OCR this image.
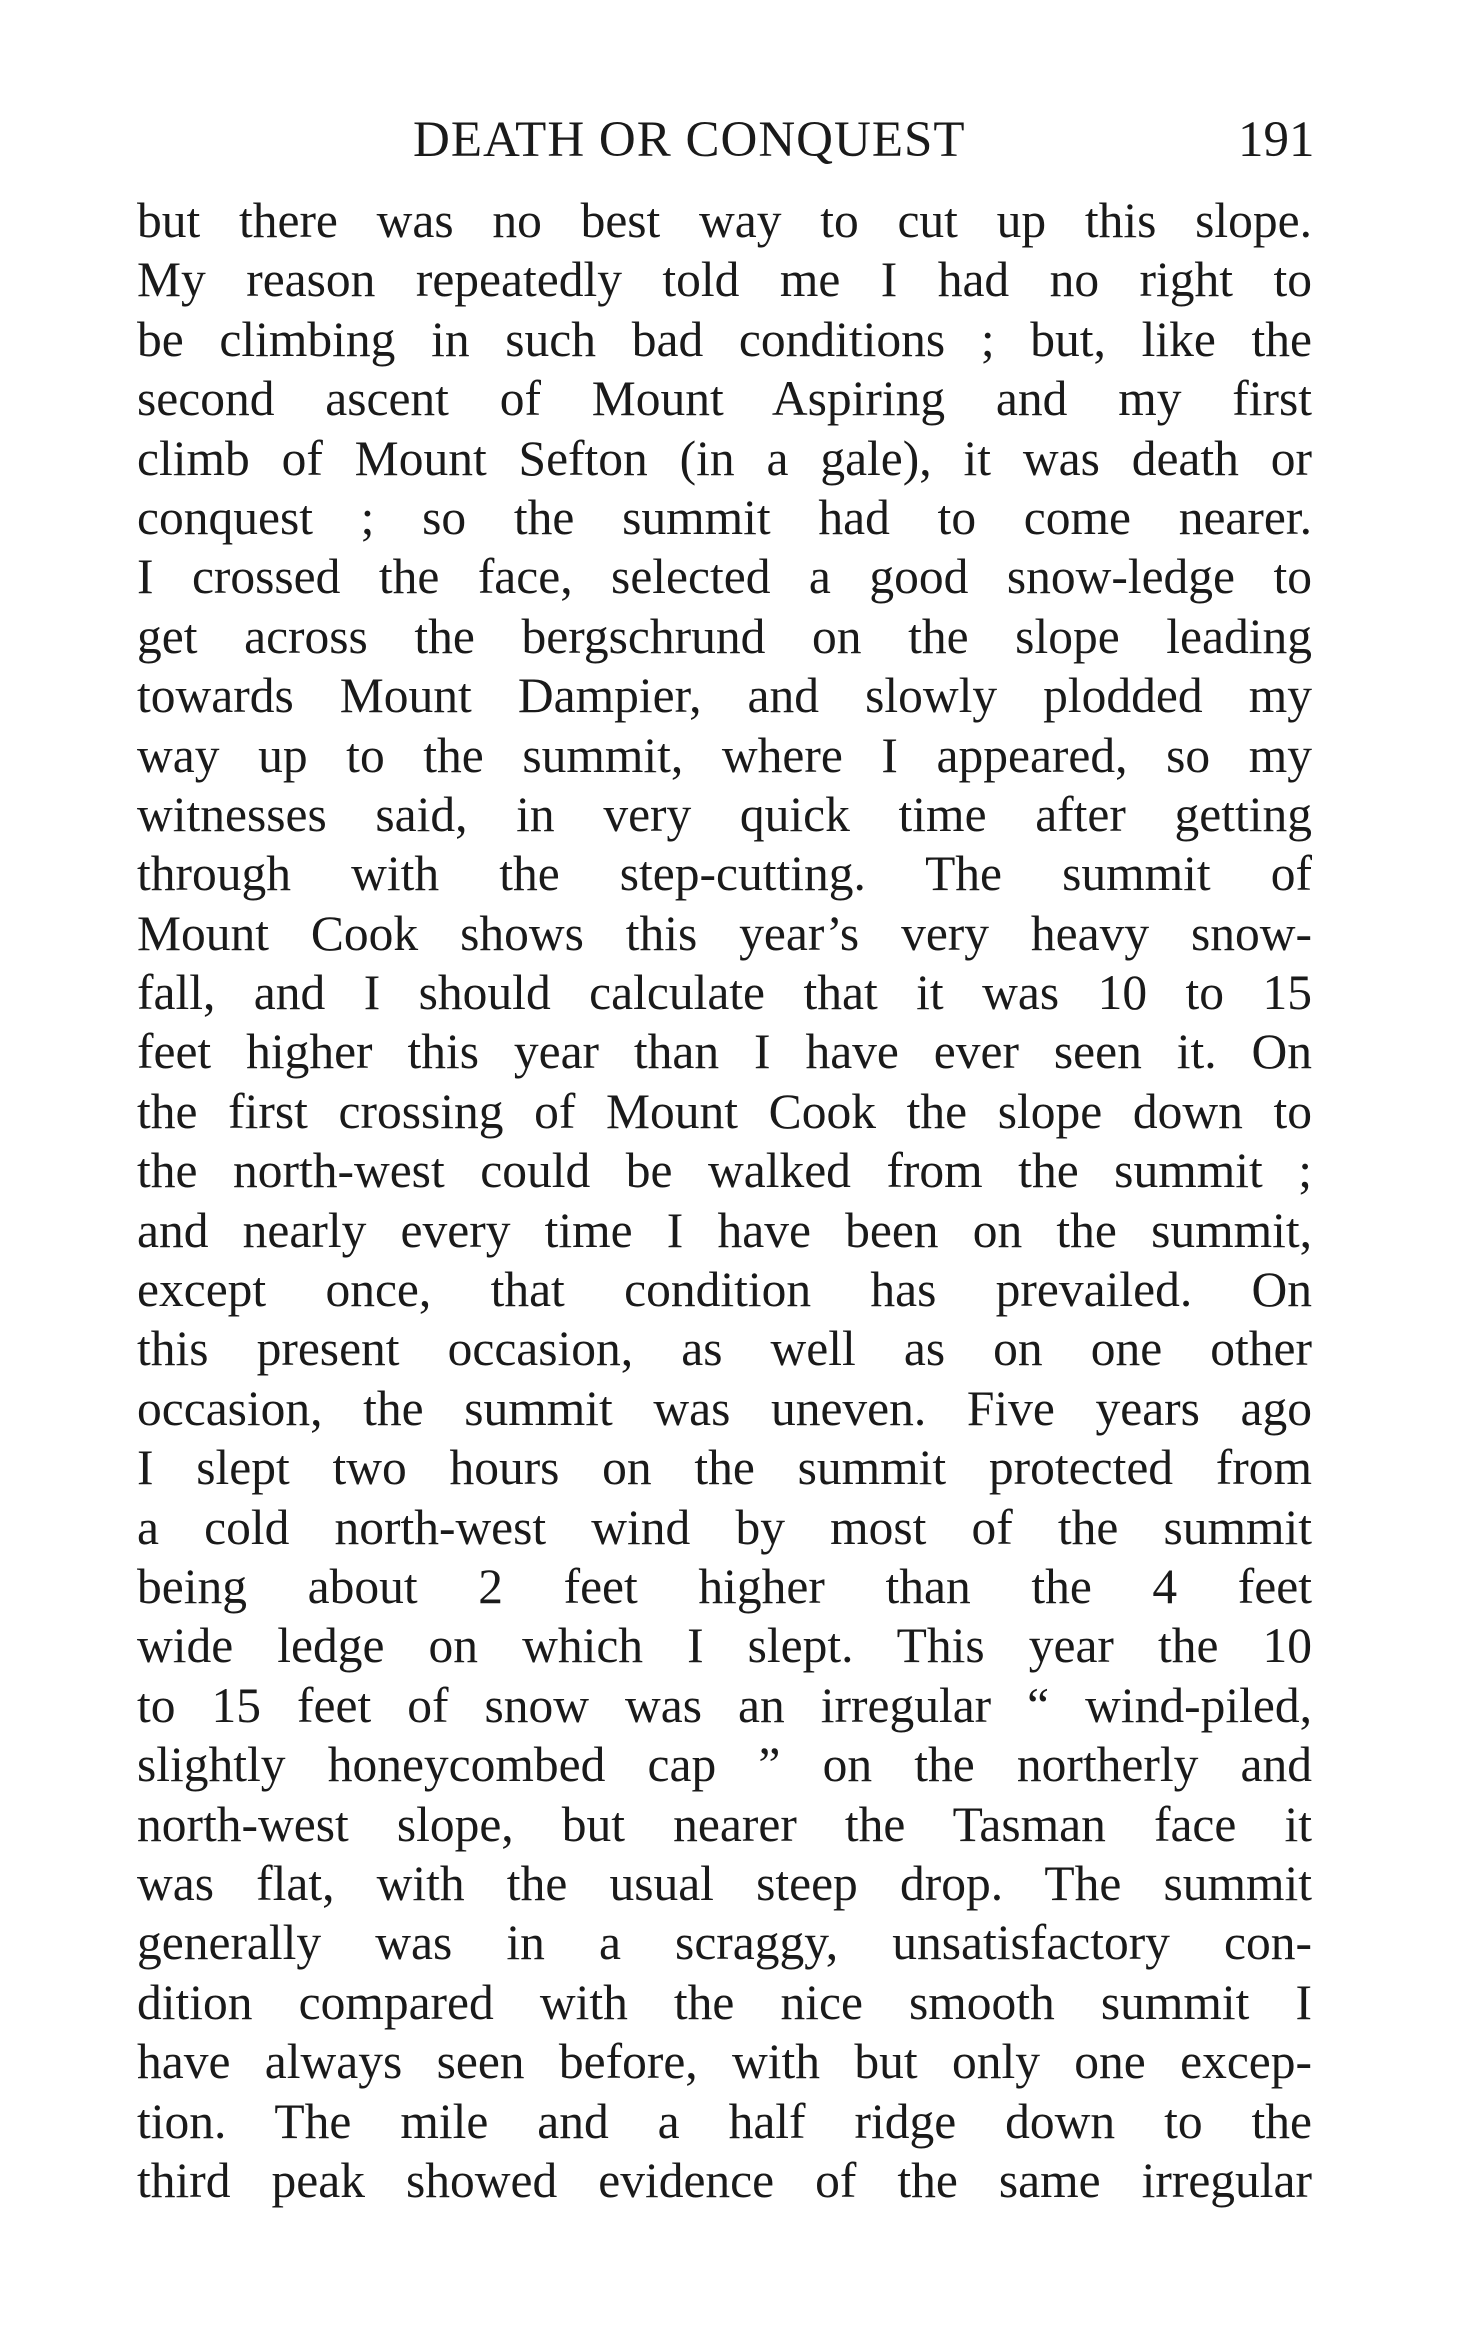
DEATH OR CONQUEST	191
but there was no best way to cut up this slope.
My reason repeatedly told me I had no right to
be climbing in such bad conditions ; but, like the
second ascent of Mount Aspiring and my first
climb of Mount Sefton (in a gale), it was death or
conquest ; so the summit had to come nearer.
I crossed the face, selected a good snow-ledge to
get across the bergschrund on the slope leading
towards Mount Dampier, and slowly plodded my
way up to the summit, where I appeared, so my
witnesses said, in very quick time after getting
through with the step-cutting. The summit of
Mount Cook shows this year’s very heavy snow-
fall, and I should calculate that it was 10 to 15
feet higher this year than I have ever seen it. On
the first crossing of Mount Cook the slope down to
the north-west could be walked from the summit ;
and nearly every time I have been on the summit,
except once, that condition has prevailed. On
this present occasion, as well as on one other
occasion, the summit was uneven. Five years ago
I slept two hours on the summit protected from
a cold north-west wind by most of the summit
being about 2 feet higher than the 4 feet
wide ledge on which I slept. This year the 10
to 15 feet of snow was an irregular “ wind-piled,
slightly honeycombed cap ” on the northerly and
north-west slope, but nearer the Tasman face it
was flat, with the usual steep drop. The summit
generally was in a scraggy, unsatisfactory con-
dition compared with the nice smooth summit I
have always seen before, with but only one excep-
tion. The mile and a half ridge down to the
third peak showed evidence of the same irregular
